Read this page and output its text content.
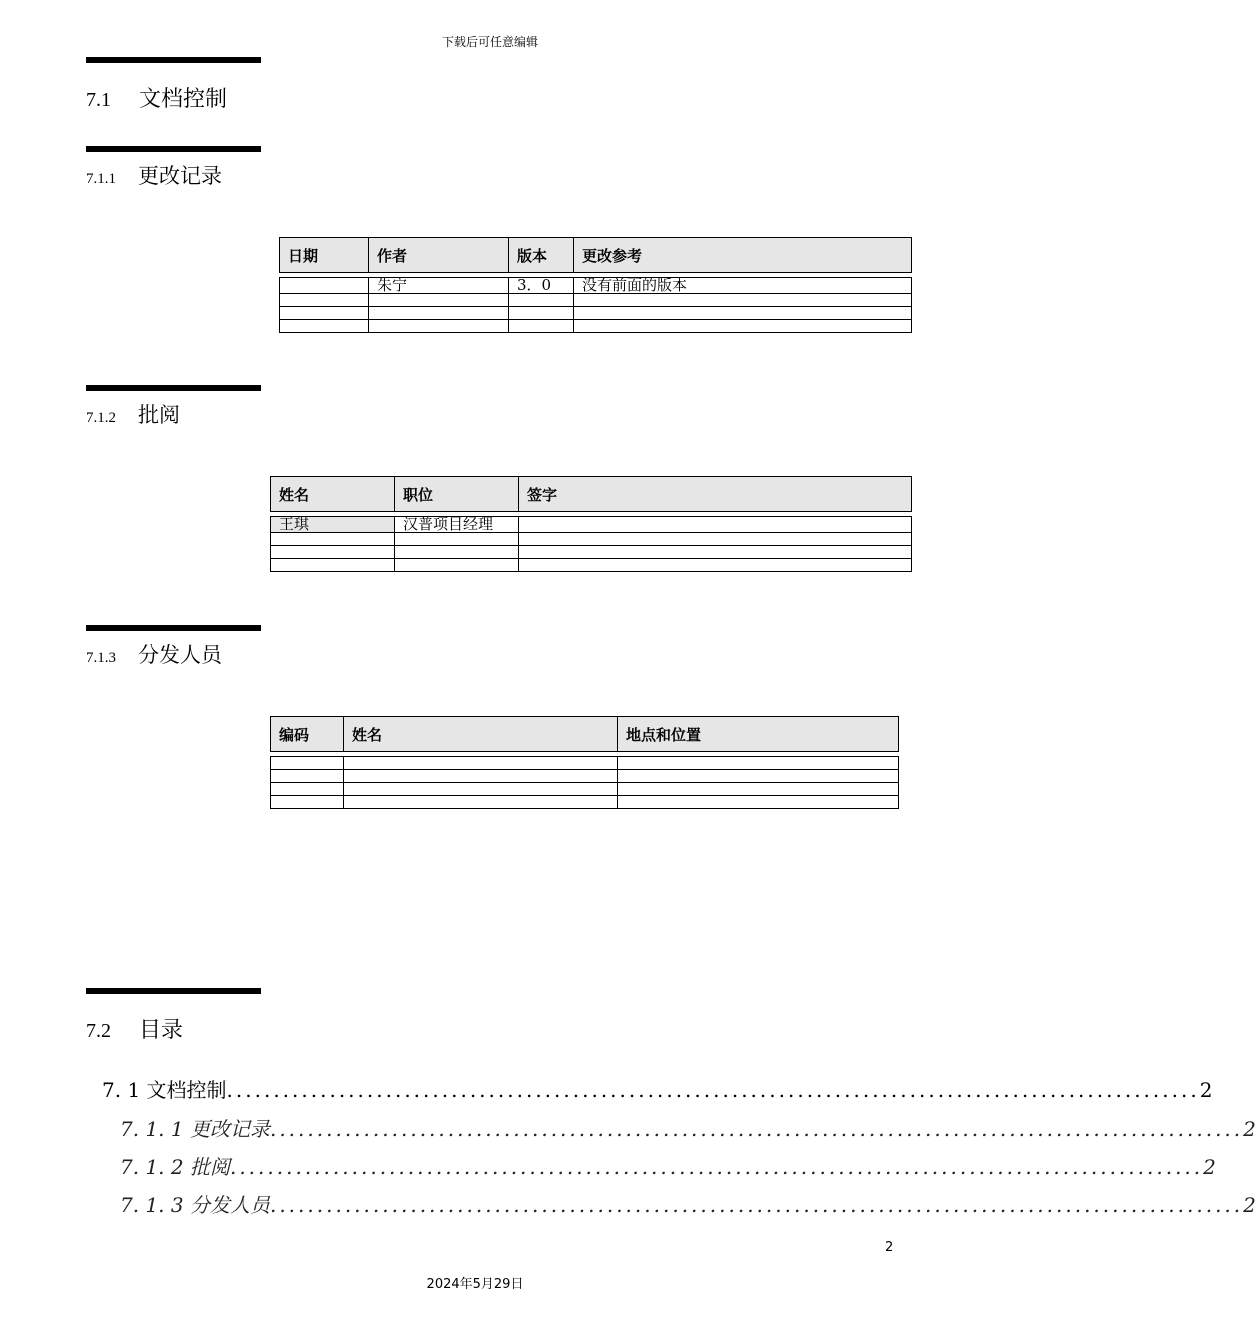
下载后可任意编辑
7.1 文档控制
7.1.1 更改记录
日期	作者	版本	更改参考

	朱宁	3．0	没有前面的版本

7.1.2 批阅
姓名	职位	签字

王琪	汉普项目经理	

7.1.3 分发人员
编码	姓名	地点和位置

7.2 目录
7. 1 文档控制 ........................................................................................................ 2
7. 1. 1 更改记录 ........................................................................................................ 2
7. 1. 2 批阅 ........................................................................................................ 2
7. 1. 3 分发人员 ........................................................................................................ 2
2
2024年5月29日
